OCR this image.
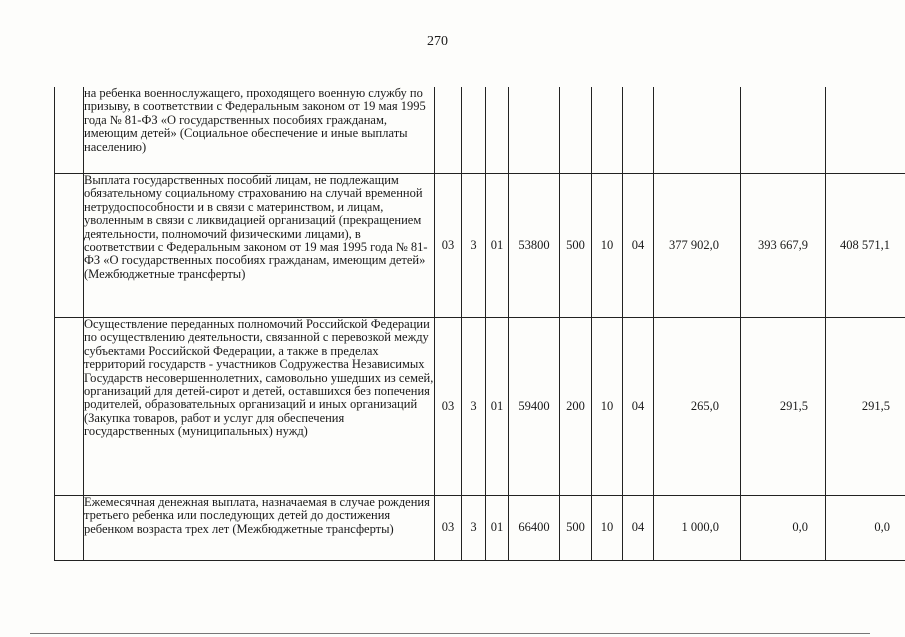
270

	на ребенка военнослужащего, проходящего военную службу по призыву, в соответствии с Федеральным законом от 19 мая 1995 года № 81-ФЗ «О государственных пособиях гражданам, имеющим детей» (Социальное обеспечение и иные выплаты населению)										

	Выплата государственных пособий лицам, не подлежащим обязательному социальному страхованию на случай временной нетрудоспособности и в связи с материнством, и лицам, уволенным в связи с ликвидацией организаций (прекращением деятельности, полномочий физическими лицами), в соответствии с Федеральным законом от 19 мая 1995 года № 81-ФЗ «О государственных пособиях гражданам, имеющим детей» (Межбюджетные трансферты)	03	3	01	53800	500	10	04	377 902,0	393 667,9	408 571,1

	Осуществление переданных полномочий Российской Федерации по осуществлению деятельности, связанной с перевозкой между субъектами Российской Федерации, а также в пределах территорий государств - участников Содружества Независимых Государств несовершеннолетних, самовольно ушедших из семей, организаций для детей-сирот и детей, оставшихся без попечения родителей, образовательных организаций и иных организаций (Закупка товаров, работ и услуг для обеспечения государственных (муниципальных) нужд)	03	3	01	59400	200	10	04	265,0	291,5	291,5

	Ежемесячная денежная выплата, назначаемая в случае рождения третьего ребенка или последующих детей до достижения ребенком возраста трех лет (Межбюджетные трансферты)	03	3	01	66400	500	10	04	1 000,0	0,0	0,0
